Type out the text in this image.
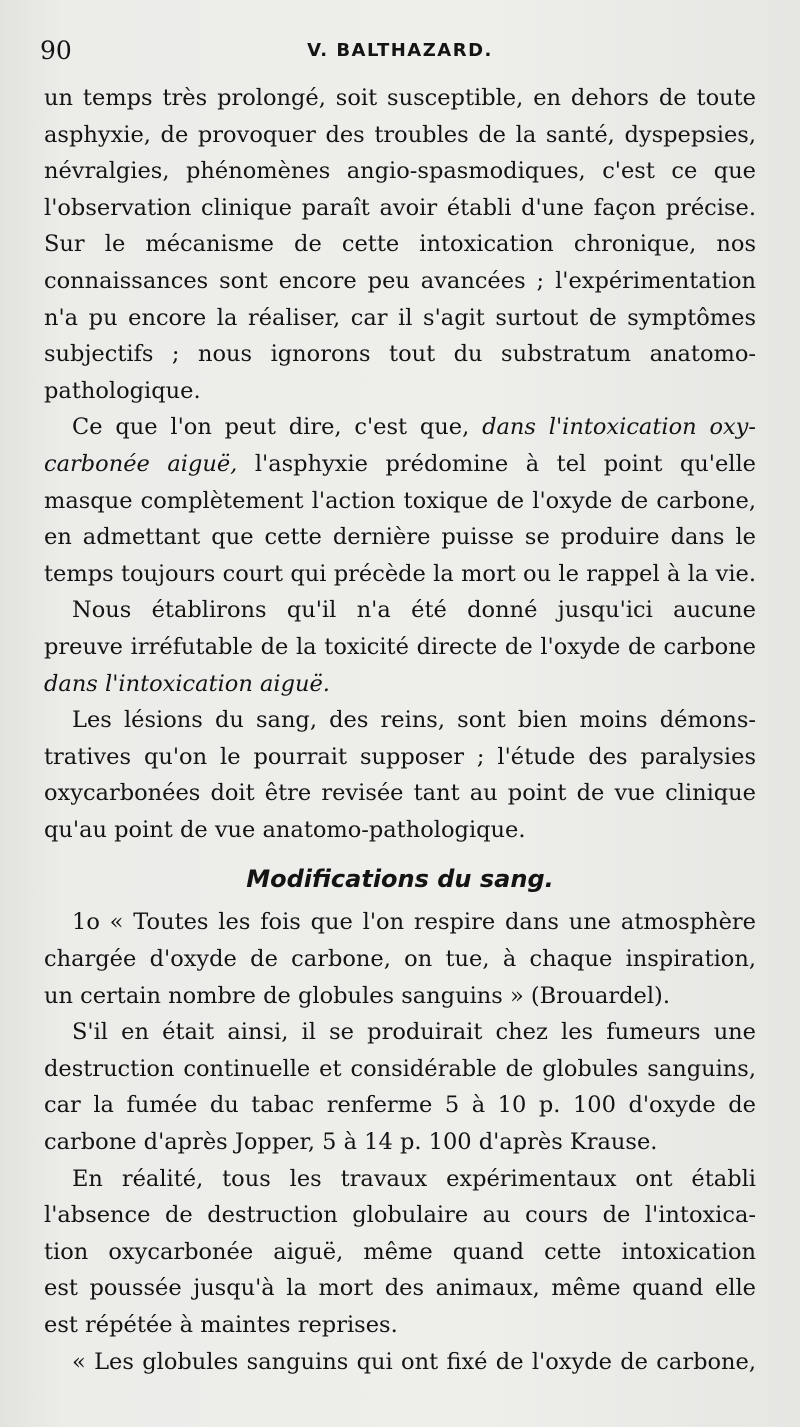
90	V. BALTHAZARD.
un temps très prolongé, soit susceptible, en dehors de toute
asphyxie, de provoquer des troubles de la santé, dyspepsies,
névralgies, phénomènes angio-spasmodiques, c'est ce que
l'observation clinique paraît avoir établi d'une façon précise.
Sur le mécanisme de cette intoxication chronique, nos
connaissances sont encore peu avancées ; l'expérimentation
n'a pu encore la réaliser, car il s'agit surtout de symptômes
subjectifs ; nous ignorons tout du substratum anatomo-
pathologique.
Ce que l'on peut dire, c'est que, dans l'intoxication oxy-
carbonée aiguë, l'asphyxie prédomine à tel point qu'elle
masque complètement l'action toxique de l'oxyde de carbone,
en admettant que cette dernière puisse se produire dans le
temps toujours court qui précède la mort ou le rappel à la vie.
Nous établirons qu'il n'a été donné jusqu'ici aucune
preuve irréfutable de la toxicité directe de l'oxyde de carbone
dans l'intoxication aiguë.
Les lésions du sang, des reins, sont bien moins démons-
tratives qu'on le pourrait supposer ; l'étude des paralysies
oxycarbonées doit être revisée tant au point de vue clinique
qu'au point de vue anatomo-pathologique.
Modifications du sang.
1o « Toutes les fois que l'on respire dans une atmosphère
chargée d'oxyde de carbone, on tue, à chaque inspiration,
un certain nombre de globules sanguins » (Brouardel).
S'il en était ainsi, il se produirait chez les fumeurs une
destruction continuelle et considérable de globules sanguins,
car la fumée du tabac renferme 5 à 10 p. 100 d'oxyde de
carbone d'après Jopper, 5 à 14 p. 100 d'après Krause.
En réalité, tous les travaux expérimentaux ont établi
l'absence de destruction globulaire au cours de l'intoxica-
tion oxycarbonée aiguë, même quand cette intoxication
est poussée jusqu'à la mort des animaux, même quand elle
est répétée à maintes reprises.
« Les globules sanguins qui ont fixé de l'oxyde de carbone,
